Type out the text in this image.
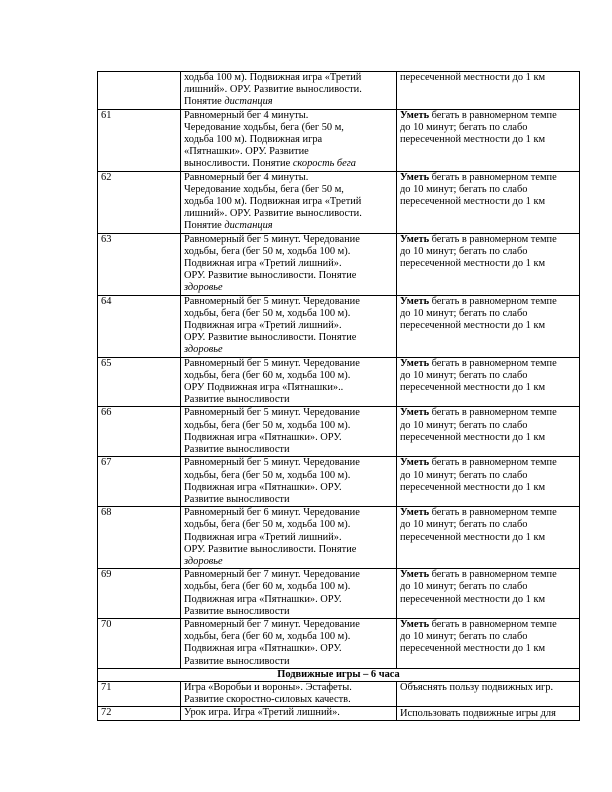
	ходьба 100 м). Подвижная игра «Третий
лишний». ОРУ. Развитие выносливости.
Понятие дистанция	пересеченной местности до 1 км

61	Равномерный бег 4 минуты.
Чередование ходьбы, бега (бег 50 м,
ходьба 100 м). Подвижная игра
«Пятнашки». ОРУ. Развитие
выносливости. Понятие скорость бега	Уметь бегать в равномерном темпе
до 10 минут; бегать по слабо
пересеченной местности до 1 км

62	Равномерный бег 4 минуты.
Чередование ходьбы, бега (бег 50 м,
ходьба 100 м). Подвижная игра «Третий
лишний». ОРУ. Развитие выносливости.
Понятие дистанция	Уметь бегать в равномерном темпе
до 10 минут; бегать по слабо
пересеченной местности до 1 км

63	Равномерный бег 5 минут. Чередование
ходьбы, бега (бег 50 м, ходьба 100 м).
Подвижная игра «Третий лишний».
ОРУ. Развитие выносливости. Понятие
здоровье	Уметь бегать в равномерном темпе
до 10 минут; бегать по слабо
пересеченной местности до 1 км

64	Равномерный бег 5 минут. Чередование
ходьбы, бега (бег 50 м, ходьба 100 м).
Подвижная игра «Третий лишний».
ОРУ. Развитие выносливости. Понятие
здоровье	Уметь бегать в равномерном темпе
до 10 минут; бегать по слабо
пересеченной местности до 1 км

65	Равномерный бег 5 минут. Чередование
ходьбы, бега (бег 60 м, ходьба 100 м).
ОРУ Подвижная игра «Пятнашки»..
Развитие выносливости	Уметь бегать в равномерном темпе
до 10 минут; бегать по слабо
пересеченной местности до 1 км

66	Равномерный бег 5 минут. Чередование
ходьбы, бега (бег 50 м, ходьба 100 м).
Подвижная игра «Пятнашки». ОРУ.
Развитие выносливости	Уметь бегать в равномерном темпе
до 10 минут; бегать по слабо
пересеченной местности до 1 км

67	Равномерный бег 5 минут. Чередование
ходьбы, бега (бег 50 м, ходьба 100 м).
Подвижная игра «Пятнашки». ОРУ.
Развитие выносливости	Уметь бегать в равномерном темпе
до 10 минут; бегать по слабо
пересеченной местности до 1 км

68	Равномерный бег 6 минут. Чередование
ходьбы, бега (бег 50 м, ходьба 100 м).
Подвижная игра «Третий лишний».
ОРУ. Развитие выносливости. Понятие
здоровье	Уметь бегать в равномерном темпе
до 10 минут; бегать по слабо
пересеченной местности до 1 км

69	Равномерный бег 7 минут. Чередование
ходьбы, бега (бег 60 м, ходьба 100 м).
Подвижная игра «Пятнашки». ОРУ.
Развитие выносливости	Уметь бегать в равномерном темпе
до 10 минут; бегать по слабо
пересеченной местности до 1 км

70	Равномерный бег 7 минут. Чередование
ходьбы, бега (бег 60 м, ходьба 100 м).
Подвижная игра «Пятнашки». ОРУ.
Развитие выносливости	Уметь бегать в равномерном темпе
до 10 минут; бегать по слабо
пересеченной местности до 1 км

Подвижные игры – 6 часа		
71	Игра «Воробьи и вороны». Эстафеты.
Развитие скоростно-силовых качеств.	Объяснять пользу подвижных игр.

72	Урок игра. Игра «Третий лишний».	Использовать подвижные игры для
